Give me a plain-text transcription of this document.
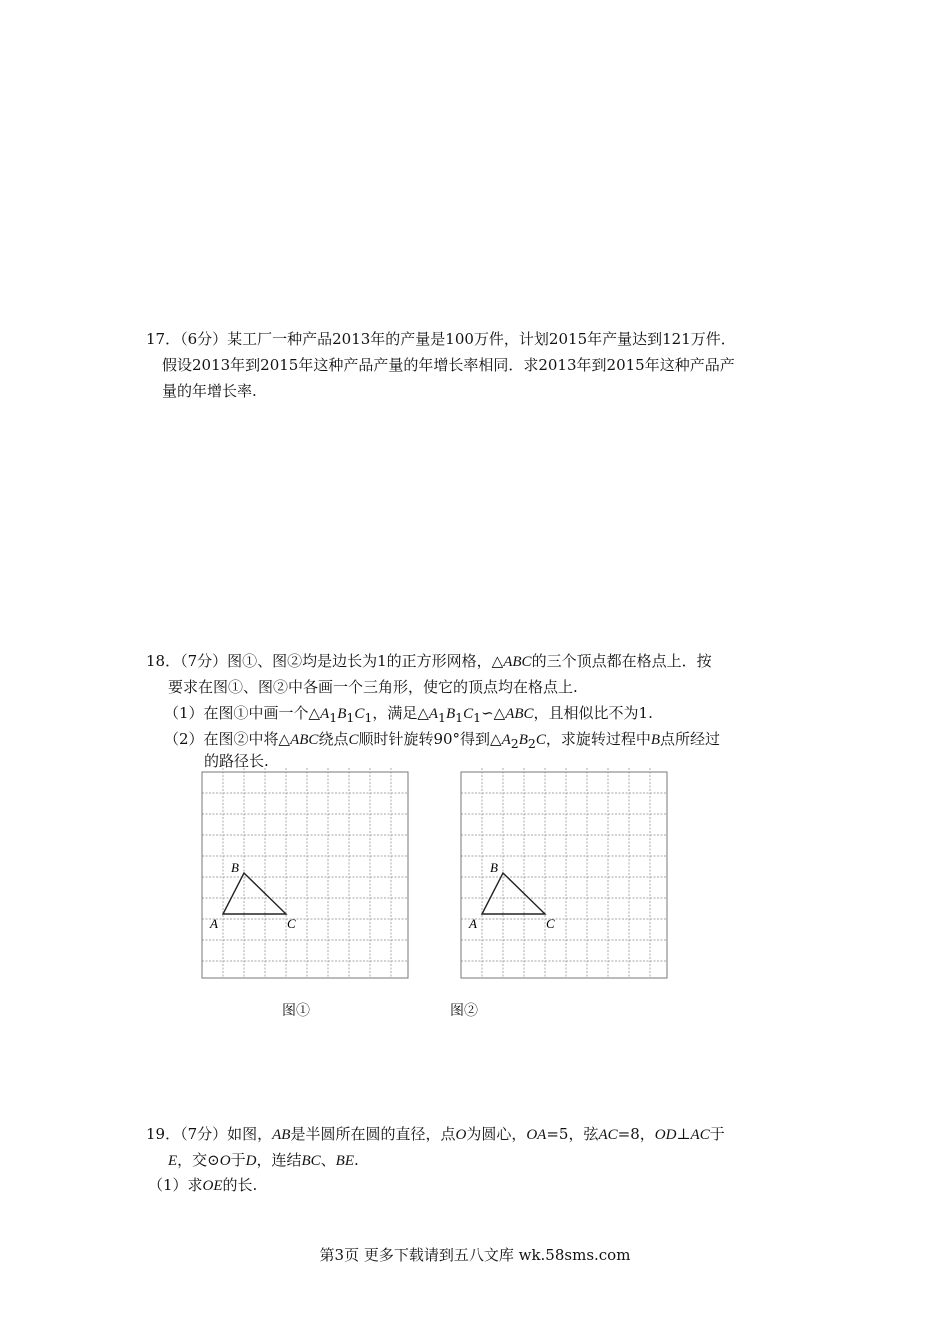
17．（6分）某工厂一种产品2013年的产量是100万件，计划2015年产量达到121万件．
假设2013年到2015年这种产品产量的年增长率相同．求2013年到2015年这种产品产
量的年增长率.
18．（7分）图①、图②均是边长为1的正方形网格，△ABC的三个顶点都在格点上．按
要求在图①、图②中各画一个三角形，使它的顶点均在格点上.
（1）在图①中画一个$\triangle A_1B_1C_1$，满足$\triangle A_1B_1C_1∽\triangle ABC$，且相似比不为1.
（2）在图②中将△ABC绕点C顺时针旋转90°得到$\triangle A_2B_2C$，求旋转过程中B点所经过
的路径长.
B
A	C
B
A	C
图①	图②
19．（7分）如图，AB是半圆所在圆的直径，点O为圆心，OA=5，弦AC=8，OD⊥AC于
E，交⊙O于D，连结BC、BE.
（1）求OE的长.
第3页 更多下载请到五八文库 wk.58sms.com
